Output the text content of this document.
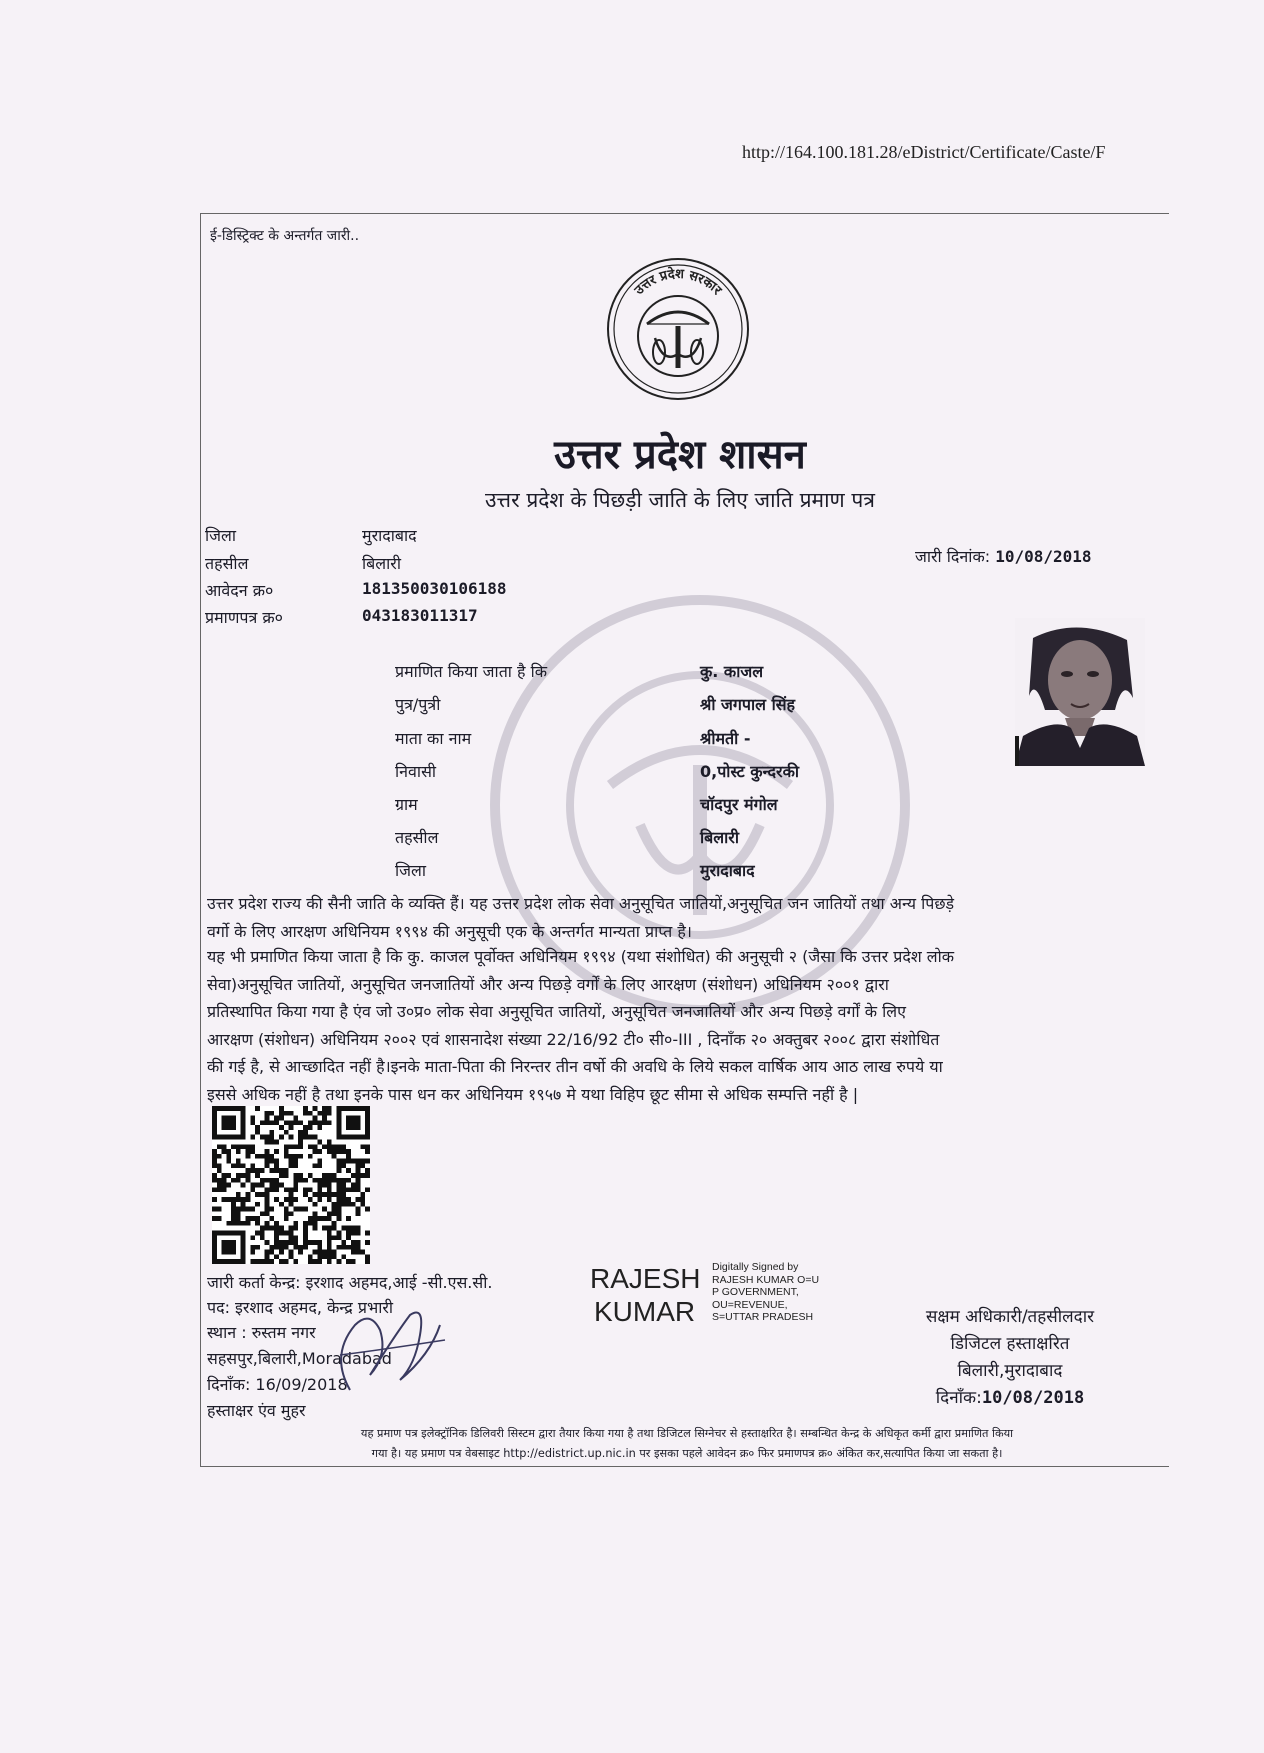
http://164.100.181.28/eDistrict/Certificate/Caste/F
ई-डिस्ट्रिक्ट के अन्तर्गत जारी..
उत्तर प्रदेश सरकार
उत्तर प्रदेश शासन
उत्तर प्रदेश के पिछड़ी जाति के लिए जाति प्रमाण पत्र
जिला	मुरादाबाद
तहसील	बिलारी
आवेदन क्र०	181350030106188
प्रमाणपत्र क्र०	043183011317
जारी दिनांक: 10/08/2018
प्रमाणित किया जाता है कि	कु. काजल
पुत्र/पुत्री	श्री जगपाल सिंह
माता का नाम	श्रीमती -
निवासी	0,पोस्ट कुन्दरकी
ग्राम	चॉदपुर मंगोल
तहसील	बिलारी
जिला	मुरादाबाद
उत्तर प्रदेश राज्य की सैनी जाति के व्यक्ति हैं। यह उत्तर प्रदेश लोक सेवा अनुसूचित जातियों,अनुसूचित जन जातियों तथा अन्य पिछड़े
वर्गो के लिए आरक्षण अधिनियम १९९४ की अनुसूची एक के अन्तर्गत मान्यता प्राप्त है।
यह भी प्रमाणित किया जाता है कि कु. काजल पूर्वोक्त अधिनियम १९९४ (यथा संशोधित) की अनुसूची २ (जैसा कि उत्तर प्रदेश लोक
सेवा)अनुसूचित जातियों, अनुसूचित जनजातियों और अन्य पिछड़े वर्गों के लिए आरक्षण (संशोधन) अधिनियम २००१ द्वारा
प्रतिस्थापित किया गया है एंव जो उ०प्र० लोक सेवा अनुसूचित जातियों, अनुसूचित जनजातियों और अन्य पिछड़े वर्गों के लिए
आरक्षण (संशोधन) अधिनियम २००२ एवं शासनादेश संख्या 22/16/92 टी० सी०-III , दिनाँक २० अक्तुबर २००८ द्वारा संशोधित
की गई है, से आच्छादित नहीं है।इनके माता-पिता की निरन्तर तीन वर्षो की अवधि के लिये सकल वार्षिक आय आठ लाख रुपये या
इससे अधिक नहीं है तथा इनके पास धन कर अधिनियम १९५७ मे यथा विहिप छूट सीमा से अधिक सम्पत्ति नहीं है |
जारी कर्ता केन्द्र: इरशाद अहमद,आई -सी.एस.सी.
पद: इरशाद अहमद, केन्द्र प्रभारी
स्थान : रुस्तम नगर
सहसपुर,बिलारी,Moradabad
दिनाँक: 16/09/2018
हस्ताक्षर एंव मुहर
RAJESH
KUMAR
Digitally Signed by
RAJESH KUMAR O=U
P GOVERNMENT,
OU=REVENUE,
S=UTTAR PRADESH	सक्षम अधिकारी/तहसीलदार
डिजिटल हस्ताक्षरित
बिलारी,मुरादाबाद
दिनाँक:10/08/2018
यह प्रमाण पत्र इलेक्ट्रॉनिक डिलिवरी सिस्टम द्वारा तैयार किया गया है तथा डिजिटल सिग्नेचर से हस्ताक्षरित है। सम्बन्धित केन्द्र के अधिकृत कर्मी द्वारा प्रमाणित किया
गया है। यह प्रमाण पत्र वेबसाइट http://edistrict.up.nic.in पर इसका पहले आवेदन क्र० फिर प्रमाणपत्र क्र० अंकित कर,सत्यापित किया जा सकता है।
